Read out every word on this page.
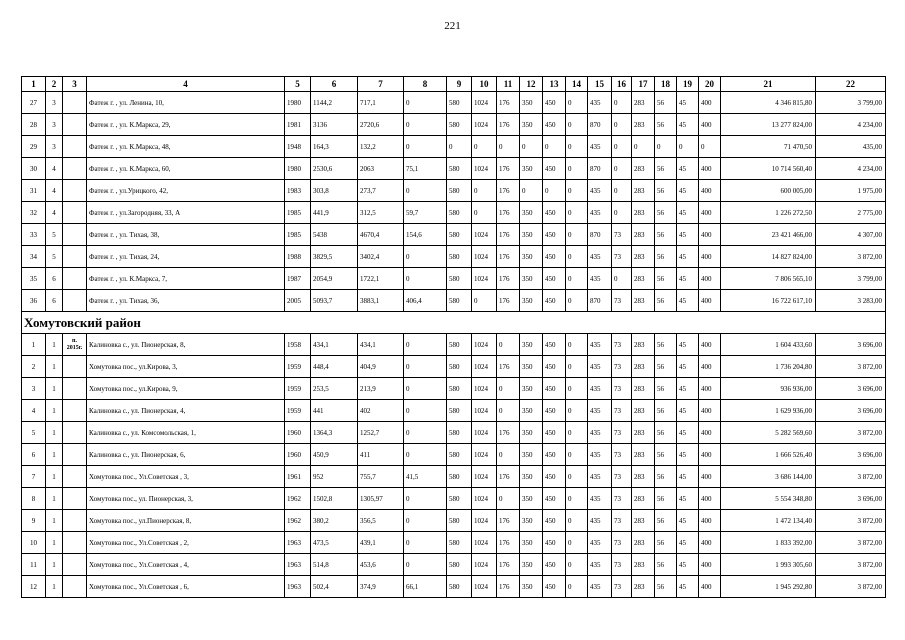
221
1	2	3	4	5	6	7	8	9	10	11	12	13	14	15	16	17	18	19	20	21	22
27	3		Фатеж г. , ул. Ленина, 10,	1980	1144,2	717,1	0	580	1024	176	350	450	0	435	0	283	56	45	400	4 346 815,80	3 799,00
28	3		Фатеж г. , ул. К.Маркса, 29,	1981	3136	2720,6	0	580	1024	176	350	450	0	870	0	283	56	45	400	13 277 824,00	4 234,00
29	3		Фатеж г. , ул. К.Маркса, 48,	1948	164,3	132,2	0	0	0	0	0	0	0	435	0	0	0	0	0	71 470,50	435,00
30	4		Фатеж г. , ул. К.Маркса, 60,	1980	2530,6	2063	75,1	580	1024	176	350	450	0	870	0	283	56	45	400	10 714 560,40	4 234,00
31	4		Фатеж г. , ул.Урицкого, 42,	1983	303,8	273,7	0	580	0	176	0	0	0	435	0	283	56	45	400	600 005,00	1 975,00
32	4		Фатеж г. , ул.Загородняя, 33, А	1985	441,9	312,5	59,7	580	0	176	350	450	0	435	0	283	56	45	400	1 226 272,50	2 775,00
33	5		Фатеж г. , ул. Тихая, 38,	1985	5438	4670,4	154,6	580	1024	176	350	450	0	870	73	283	56	45	400	23 421 466,00	4 307,00
34	5		Фатеж г. , ул. Тихая, 24,	1988	3829,5	3402,4	0	580	1024	176	350	450	0	435	73	283	56	45	400	14 827 824,00	3 872,00
35	6		Фатеж г. , ул. К.Маркса, 7,	1987	2054,9	1722,1	0	580	1024	176	350	450	0	435	0	283	56	45	400	7 806 565,10	3 799,00
36	6		Фатеж г. , ул. Тихая, 36,	2005	5093,7	3883,1	406,4	580	0	176	350	450	0	870	73	283	56	45	400	16 722 617,10	3 283,00
Хомутовский район																					
1	1	п. 2015г.	Калиновка с., ул. Пионерская, 8,	1958	434,1	434,1	0	580	1024	0	350	450	0	435	73	283	56	45	400	1 604 433,60	3 696,00
2	1		Хомутовка пос., ул.Кирова, 3,	1959	448,4	404,9	0	580	1024	176	350	450	0	435	73	283	56	45	400	1 736 204,80	3 872,00
3	1		Хомутовка пос., ул.Кирова, 9,	1959	253,5	213,9	0	580	1024	0	350	450	0	435	73	283	56	45	400	936 936,00	3 696,00
4	1		Калиновка с., ул. Пионерская, 4,	1959	441	402	0	580	1024	0	350	450	0	435	73	283	56	45	400	1 629 936,00	3 696,00
5	1		Калиновка с., ул. Комсомольская, 1,	1960	1364,3	1252,7	0	580	1024	176	350	450	0	435	73	283	56	45	400	5 282 569,60	3 872,00
6	1		Калиновка с., ул. Пионерская, 6,	1960	450,9	411	0	580	1024	0	350	450	0	435	73	283	56	45	400	1 666 526,40	3 696,00
7	1		Хомутовка пос., Ул.Советская , 3,	1961	952	755,7	41,5	580	1024	176	350	450	0	435	73	283	56	45	400	3 686 144,00	3 872,00
8	1		Хомутовка пос., ул. Пионерская, 3,	1962	1502,8	1305,97	0	580	1024	0	350	450	0	435	73	283	56	45	400	5 554 348,80	3 696,00
9	1		Хомутовка пос., ул.Пионерская, 8,	1962	380,2	356,5	0	580	1024	176	350	450	0	435	73	283	56	45	400	1 472 134,40	3 872,00
10	1		Хомутовка пос., Ул.Советская , 2,	1963	473,5	439,1	0	580	1024	176	350	450	0	435	73	283	56	45	400	1 833 392,00	3 872,00
11	1		Хомутовка пос., Ул.Советская , 4,	1963	514,8	453,6	0	580	1024	176	350	450	0	435	73	283	56	45	400	1 993 305,60	3 872,00
12	1		Хомутовка пос., Ул.Советская , 6,	1963	502,4	374,9	66,1	580	1024	176	350	450	0	435	73	283	56	45	400	1 945 292,80	3 872,00
